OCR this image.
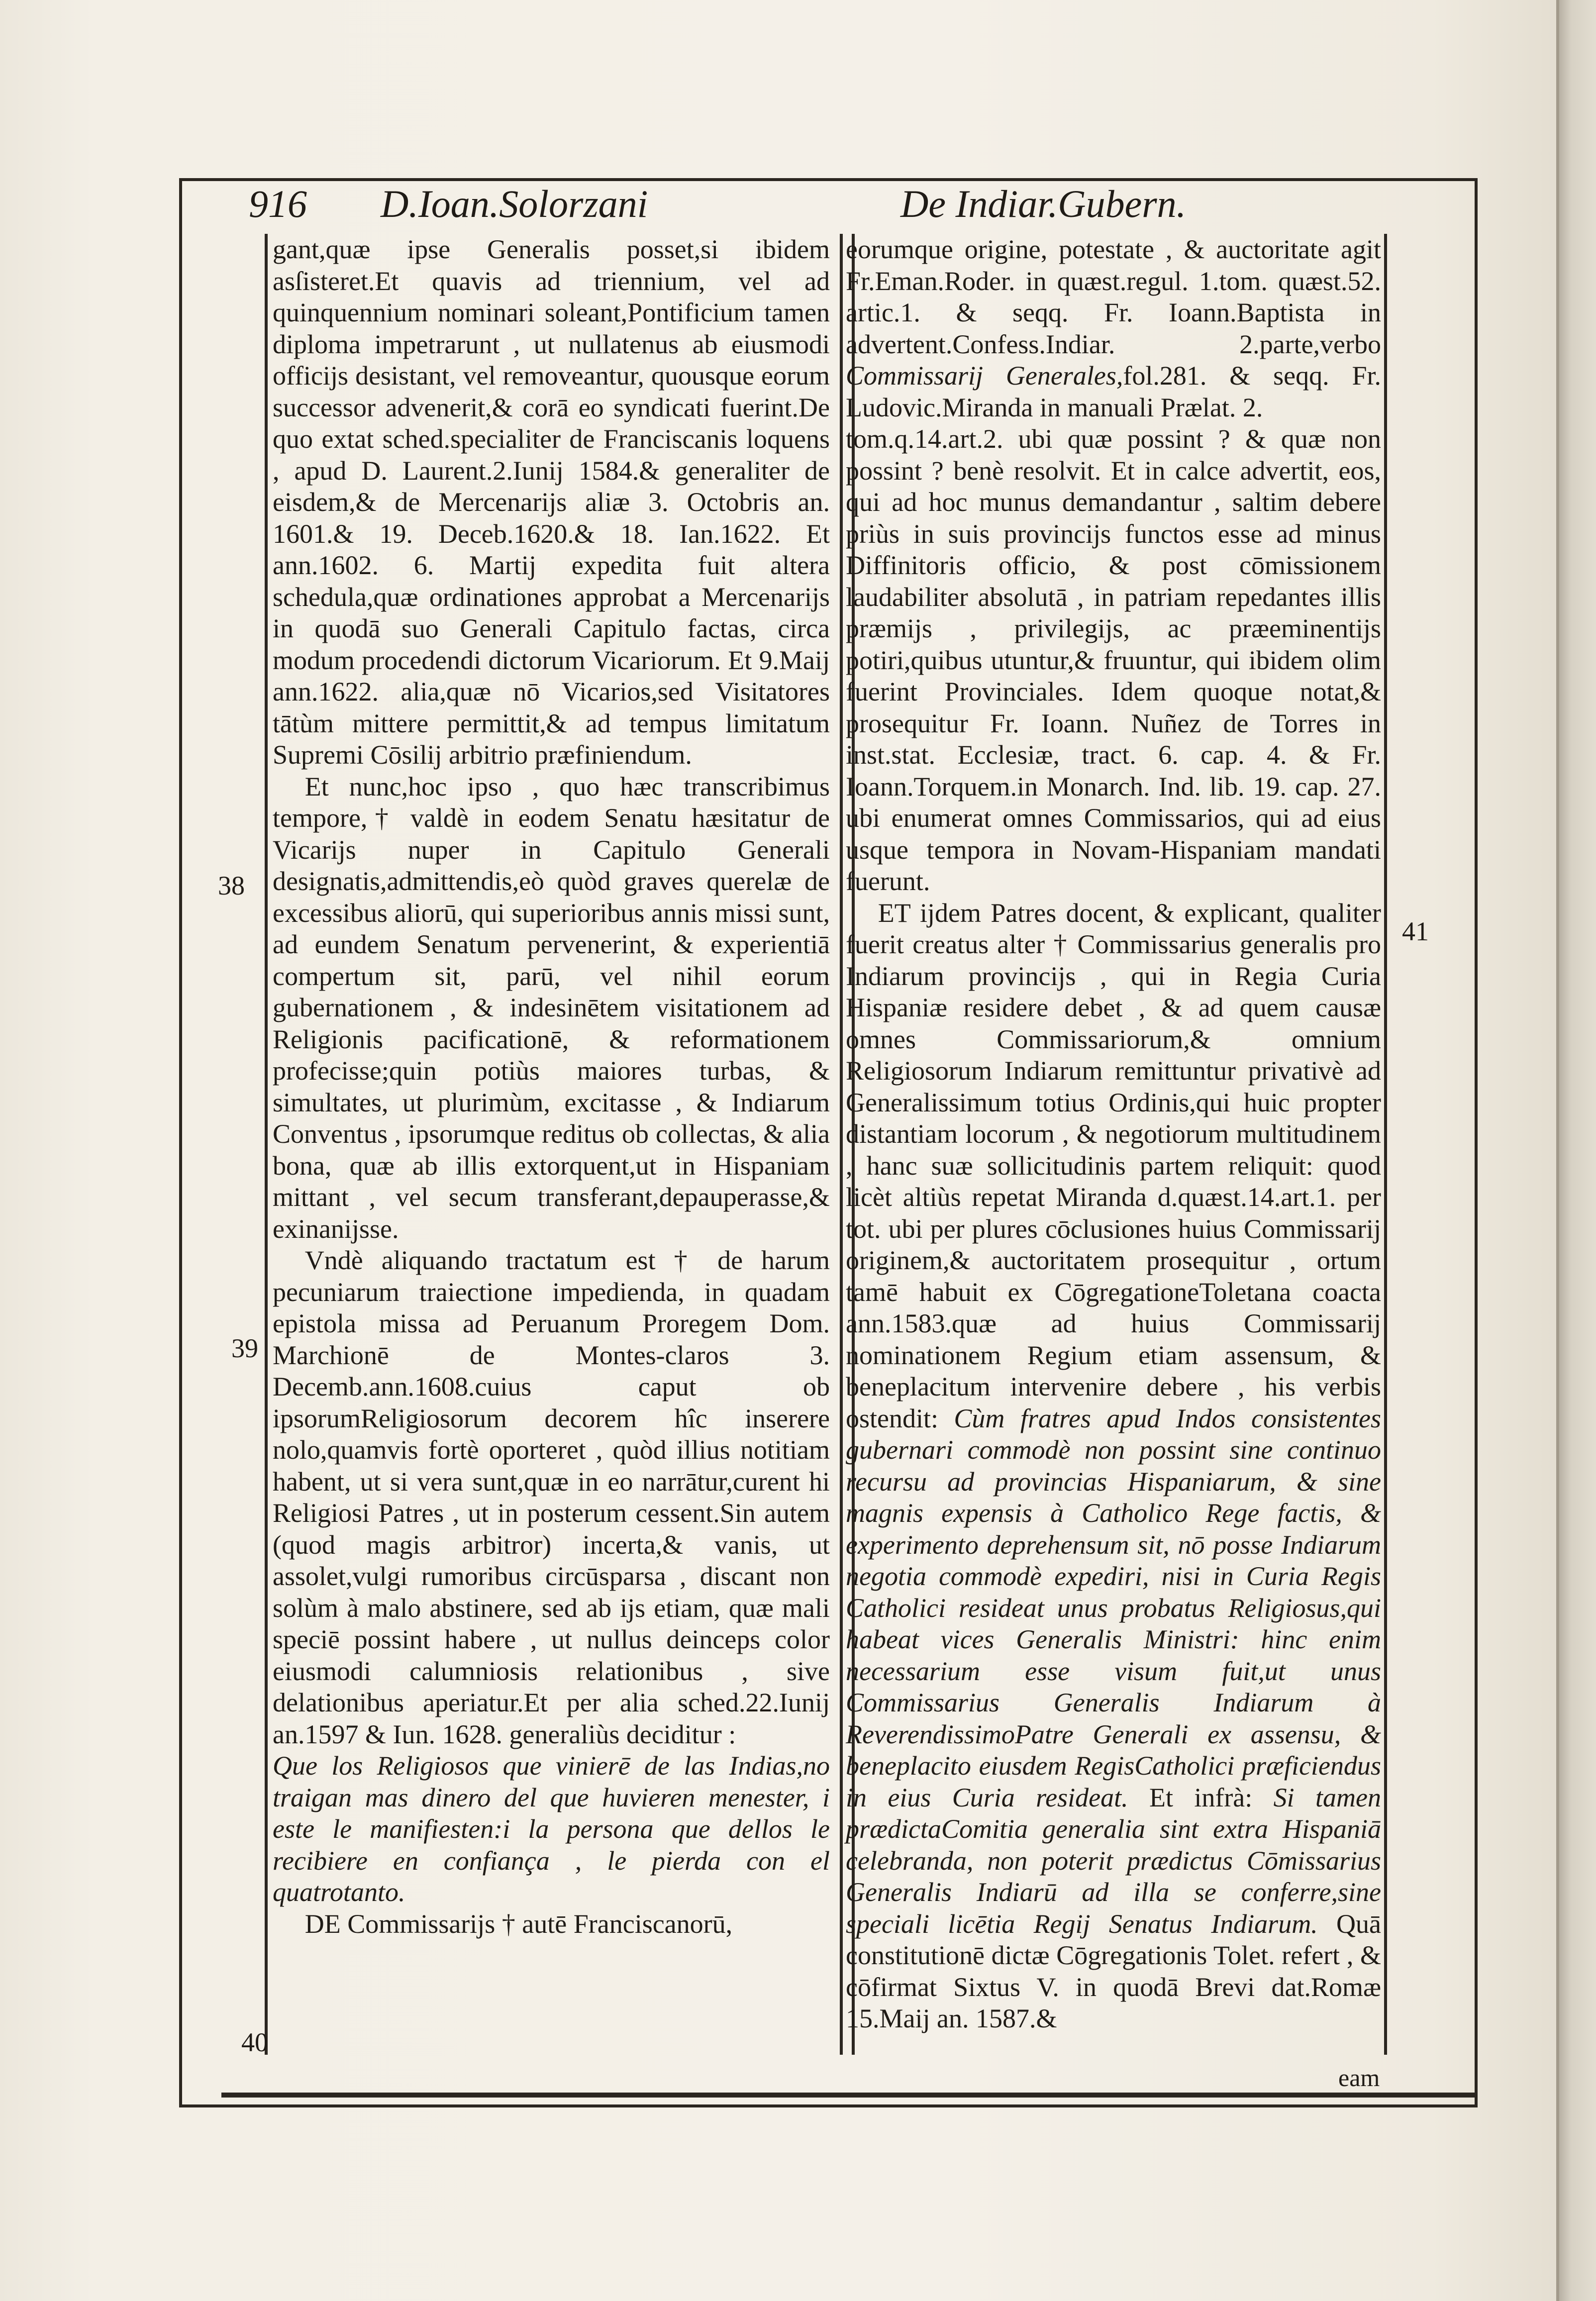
916 D.Ioan.Solorzani	De Indiar.Gubern.

gant,quæ ipse Generalis posset,si ibidem asſisteret.Et quavis ad triennium, vel ad quinquennium nominari soleant,Pontificium tamen diploma impetrarunt , ut nullatenus ab eiusmodi officijs desistant, vel removeantur, quousque eorum successor advenerit,& corā eo syndicati fuerint.De quo extat sched.specialiter de Franciscanis loquens , apud D. Laurent.2.Iunij 1584.& generaliter de eisdem,& de Mercenarijs aliæ 3. Octobris an. 1601.& 19. Deceb.1620.& 18. Ian.1622. Et ann.1602. 6. Martij expedita fuit altera schedula,quæ ordinationes approbat a Mercenarijs in quodā suo Generali Capitulo factas, circa modum procedendi dictorum Vicariorum. Et 9.Maij ann.1622. alia,quæ nō Vicarios,sed Visitatores tātùm mittere permittit,& ad tempus limitatum Supremi Cōsilij arbitrio præfiniendum.

Et nunc,hoc ipso , quo hæc transcribimus tempore,† valdè in eodem Senatu hæsitatur de Vicarijs nuper in Capitulo Generali designatis,admittendis,eò quòd graves querelæ de excessibus aliorū, qui superioribus annis missi sunt, ad eundem Senatum pervenerint, & experientiā compertum sit, parū, vel nihil eorum gubernationem , & indesinētem visitationem ad Religionis pacificationē, & reformationem profecisse;quin potiùs maiores turbas, & simultates, ut plurimùm, excitasse , & Indiarum Conventus , ipsorumque reditus ob collectas, & alia bona, quæ ab illis extorquent,ut in Hispaniam mittant , vel secum transferant,depauperasse,& exinanijsse.

Vndè aliquando tractatum est † de harum pecuniarum traiectione impedienda, in quadam epistola missa ad Peruanum Proregem Dom. Marchionē de Montes-claros 3. Decemb.ann.1608.cuius caput ob ipsorumReligiosorum decorem hîc inserere nolo,quamvis fortè oporteret , quòd illius notitiam habent, ut si vera sunt,quæ in eo narrātur,curent hi Religiosi Patres , ut in posterum cessent.Sin autem (quod magis arbitror) incerta,& vanis, ut assolet,vulgi rumoribus circūsparsa , discant non solùm à malo abstinere, sed ab ijs etiam, quæ mali speciē possint habere , ut nullus deinceps color eiusmodi calumniosis relationibus , sive delationibus aperiatur.Et per alia sched.22.Iunij an.1597 & Iun. 1628. generaliùs deciditur :

Que los Religiosos que vinierē de las Indias,no traigan mas dinero del que huvieren menester, i este le manifiesten:i la persona que dellos le recibiere en confiança , le pierda con el quatrotanto.

DE Commissarijs † autē Franciscanorū,

eorumque origine, potestate , & auctoritate agit Fr.Eman.Roder. in quæst.regul. 1.tom. quæst.52. artic.1. & seqq. Fr. Ioann.Baptista in advertent.Confess.Indiar. 2.parte,verbo Commissarij Generales,fol.281. & seqq. Fr. Ludovic.Miranda in manuali Prælat. 2.

tom.q.14.art.2. ubi quæ possint ? & quæ non possint ? benè resolvit. Et in calce advertit, eos, qui ad hoc munus demandantur , saltim debere priùs in suis provincijs functos esse ad minus Diffinitoris officio, & post cōmissionem laudabiliter absolutā , in patriam repedantes illis præmijs , privilegijs, ac præeminentijs potiri,quibus utuntur,& fruuntur, qui ibidem olim fuerint Provinciales. Idem quoque notat,& prosequitur Fr. Ioann. Nuñez de Torres in inst.stat. Ecclesiæ, tract. 6. cap. 4. & Fr. Ioann.Torquem.in Monarch. Ind. lib. 19. cap. 27. ubi enumerat omnes Commissarios, qui ad eius usque tempora in Novam-Hispaniam mandati fuerunt.

ET ijdem Patres docent, & explicant, qualiter fuerit creatus alter † Commissarius generalis pro Indiarum provincijs , qui in Regia Curia Hispaniæ residere debet , & ad quem causæ omnes Commissariorum,& omnium Religiosorum Indiarum remittuntur privativè ad Generalissimum totius Ordinis,qui huic propter distantiam locorum , & negotiorum multitudinem , hanc suæ sollicitudinis partem reliquit: quod licèt altiùs repetat Miranda d.quæst.14.art.1. per tot. ubi per plures cōclusiones huius Commissarij originem,& auctoritatem prosequitur , ortum tamē habuit ex CōgregationeToletana coacta ann.1583.quæ ad huius Commissarij nominationem Regium etiam assensum, & beneplacitum intervenire debere , his verbis ostendit: Cùm fratres apud Indos consistentes gubernari commodè non possint sine continuo recursu ad provincias Hispaniarum, & sine magnis expensis à Catholico Rege factis, & experimento deprehensum sit, nō posse Indiarum negotia commodè expediri, nisi in Curia Regis Catholici resideat unus probatus Religiosus,qui habeat vices Generalis Ministri: hinc enim necessarium esse visum fuit,ut unus Commissarius Generalis Indiarum à ReverendissimoPatre Generali ex assensu, & beneplacito eiusdem RegisCatholici præficiendus in eius Curia resideat. Et infrà: Si tamen prædictaComitia generalia sint extra Hispaniā celebranda, non poterit prædictus Cōmissarius Generalis Indiarū ad illa se conferre,sine speciali licētia Regij Senatus Indiarum. Quā constitutionē dictæ Cōgregationis Tolet. refert , & cōfirmat Sixtus V. in quodā Brevi dat.Romæ 15.Maij an. 1587.&

38
39
40
41
eam
